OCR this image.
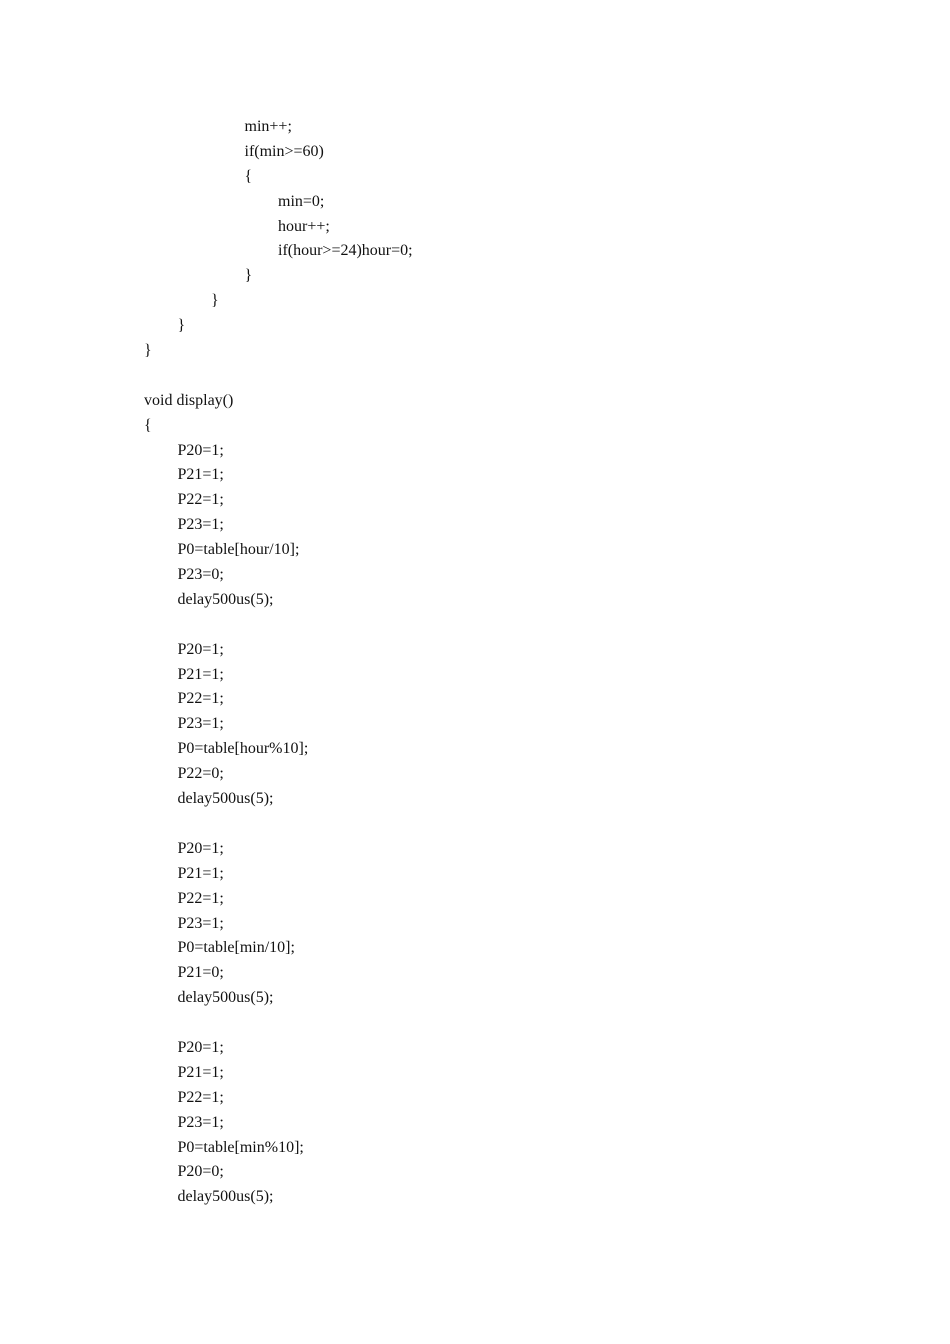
min++;
if(min>=60)
{
min=0;
hour++;
if(hour>=24)hour=0;
}
}
}
}
void display()
{
P20=1;
P21=1;
P22=1;
P23=1;
P0=table[hour/10];
P23=0;
delay500us(5);
P20=1;
P21=1;
P22=1;
P23=1;
P0=table[hour%10];
P22=0;
delay500us(5);
P20=1;
P21=1;
P22=1;
P23=1;
P0=table[min/10];
P21=0;
delay500us(5);
P20=1;
P21=1;
P22=1;
P23=1;
P0=table[min%10];
P20=0;
delay500us(5);
